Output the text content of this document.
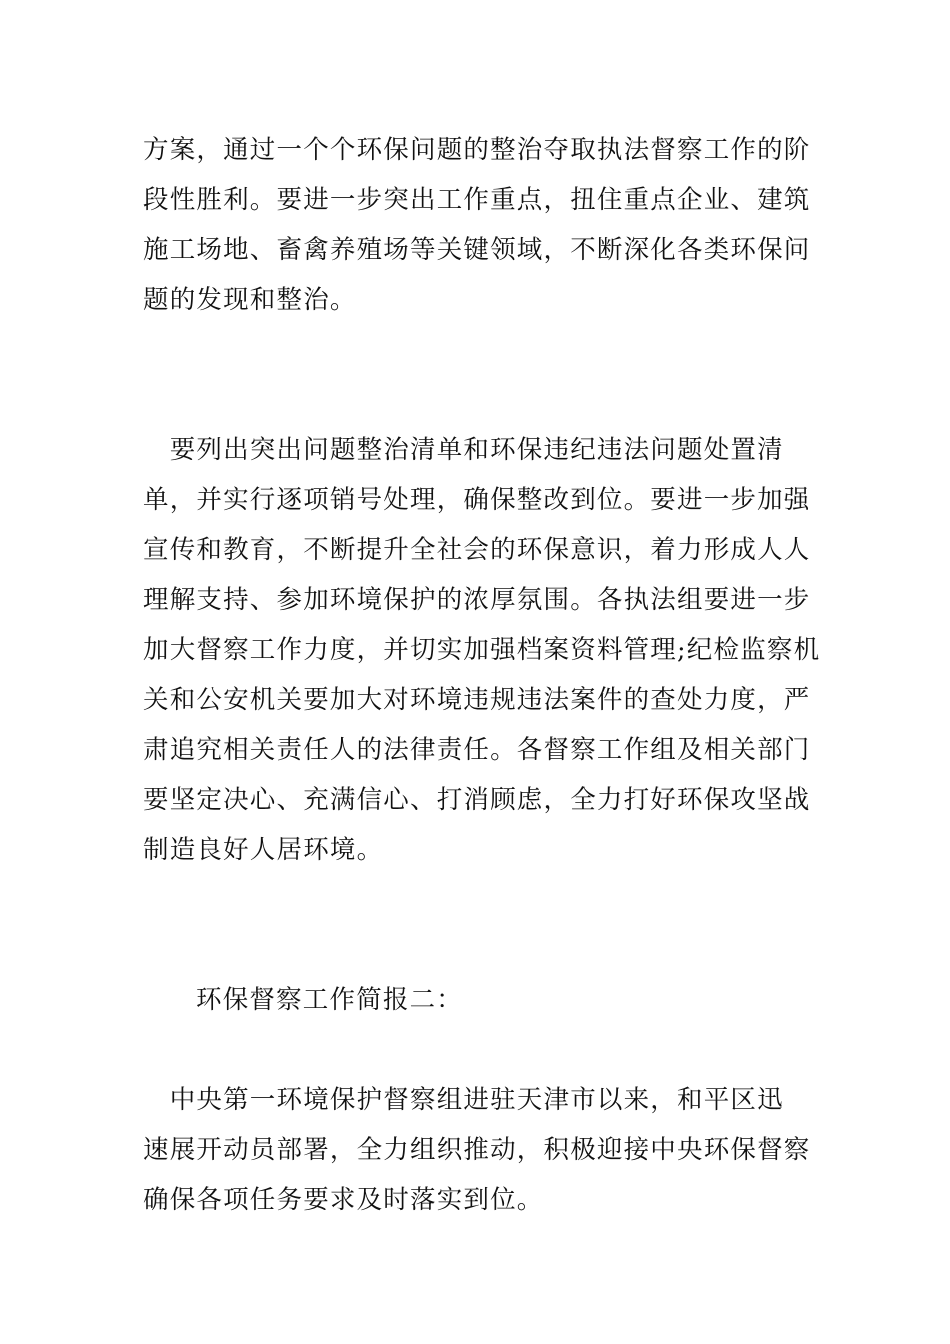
方案，通过一个个环保问题的整治夺取执法督察工作的阶
段性胜利。要进一步突出工作重点，扭住重点企业、建筑
施工场地、畜禽养殖场等关键领域，不断深化各类环保问
题的发现和整治。

　要列出突出问题整治清单和环保违纪违法问题处置清
单，并实行逐项销号处理，确保整改到位。要进一步加强
宣传和教育，不断提升全社会的环保意识，着力形成人人
理解支持、参加环境保护的浓厚氛围。各执法组要进一步
加大督察工作力度，并切实加强档案资料管理;纪检监察机
关和公安机关要加大对环境违规违法案件的查处力度，严
肃追究相关责任人的法律责任。各督察工作组及相关部门
要坚定决心、充满信心、打消顾虑，全力打好环保攻坚战
制造良好人居环境。

环保督察工作简报二：

　中央第一环境保护督察组进驻天津市以来，和平区迅
速展开动员部署，全力组织推动，积极迎接中央环保督察
确保各项任务要求及时落实到位。
